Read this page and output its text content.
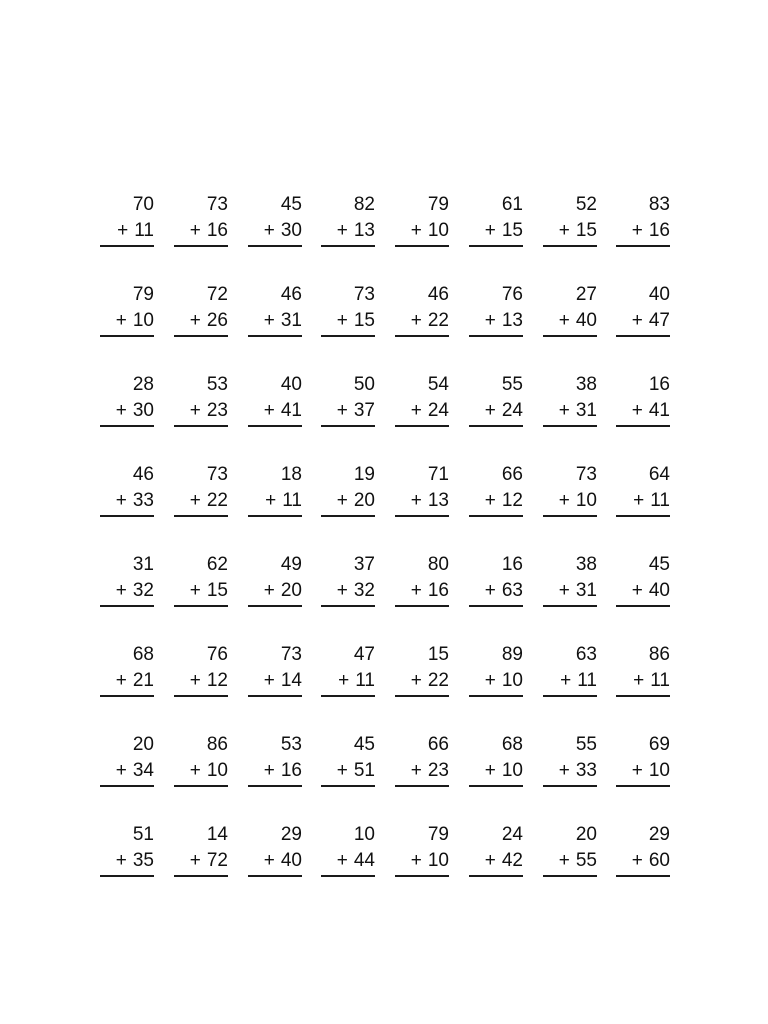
70
+ 11
73
+ 16
45
+ 30
82
+ 13
79
+ 10
61
+ 15
52
+ 15
83
+ 16
79
+ 10
72
+ 26
46
+ 31
73
+ 15
46
+ 22
76
+ 13
27
+ 40
40
+ 47
28
+ 30
53
+ 23
40
+ 41
50
+ 37
54
+ 24
55
+ 24
38
+ 31
16
+ 41
46
+ 33
73
+ 22
18
+ 11
19
+ 20
71
+ 13
66
+ 12
73
+ 10
64
+ 11
31
+ 32
62
+ 15
49
+ 20
37
+ 32
80
+ 16
16
+ 63
38
+ 31
45
+ 40
68
+ 21
76
+ 12
73
+ 14
47
+ 11
15
+ 22
89
+ 10
63
+ 11
86
+ 11
20
+ 34
86
+ 10
53
+ 16
45
+ 51
66
+ 23
68
+ 10
55
+ 33
69
+ 10
51
+ 35
14
+ 72
29
+ 40
10
+ 44
79
+ 10
24
+ 42
20
+ 55
29
+ 60
